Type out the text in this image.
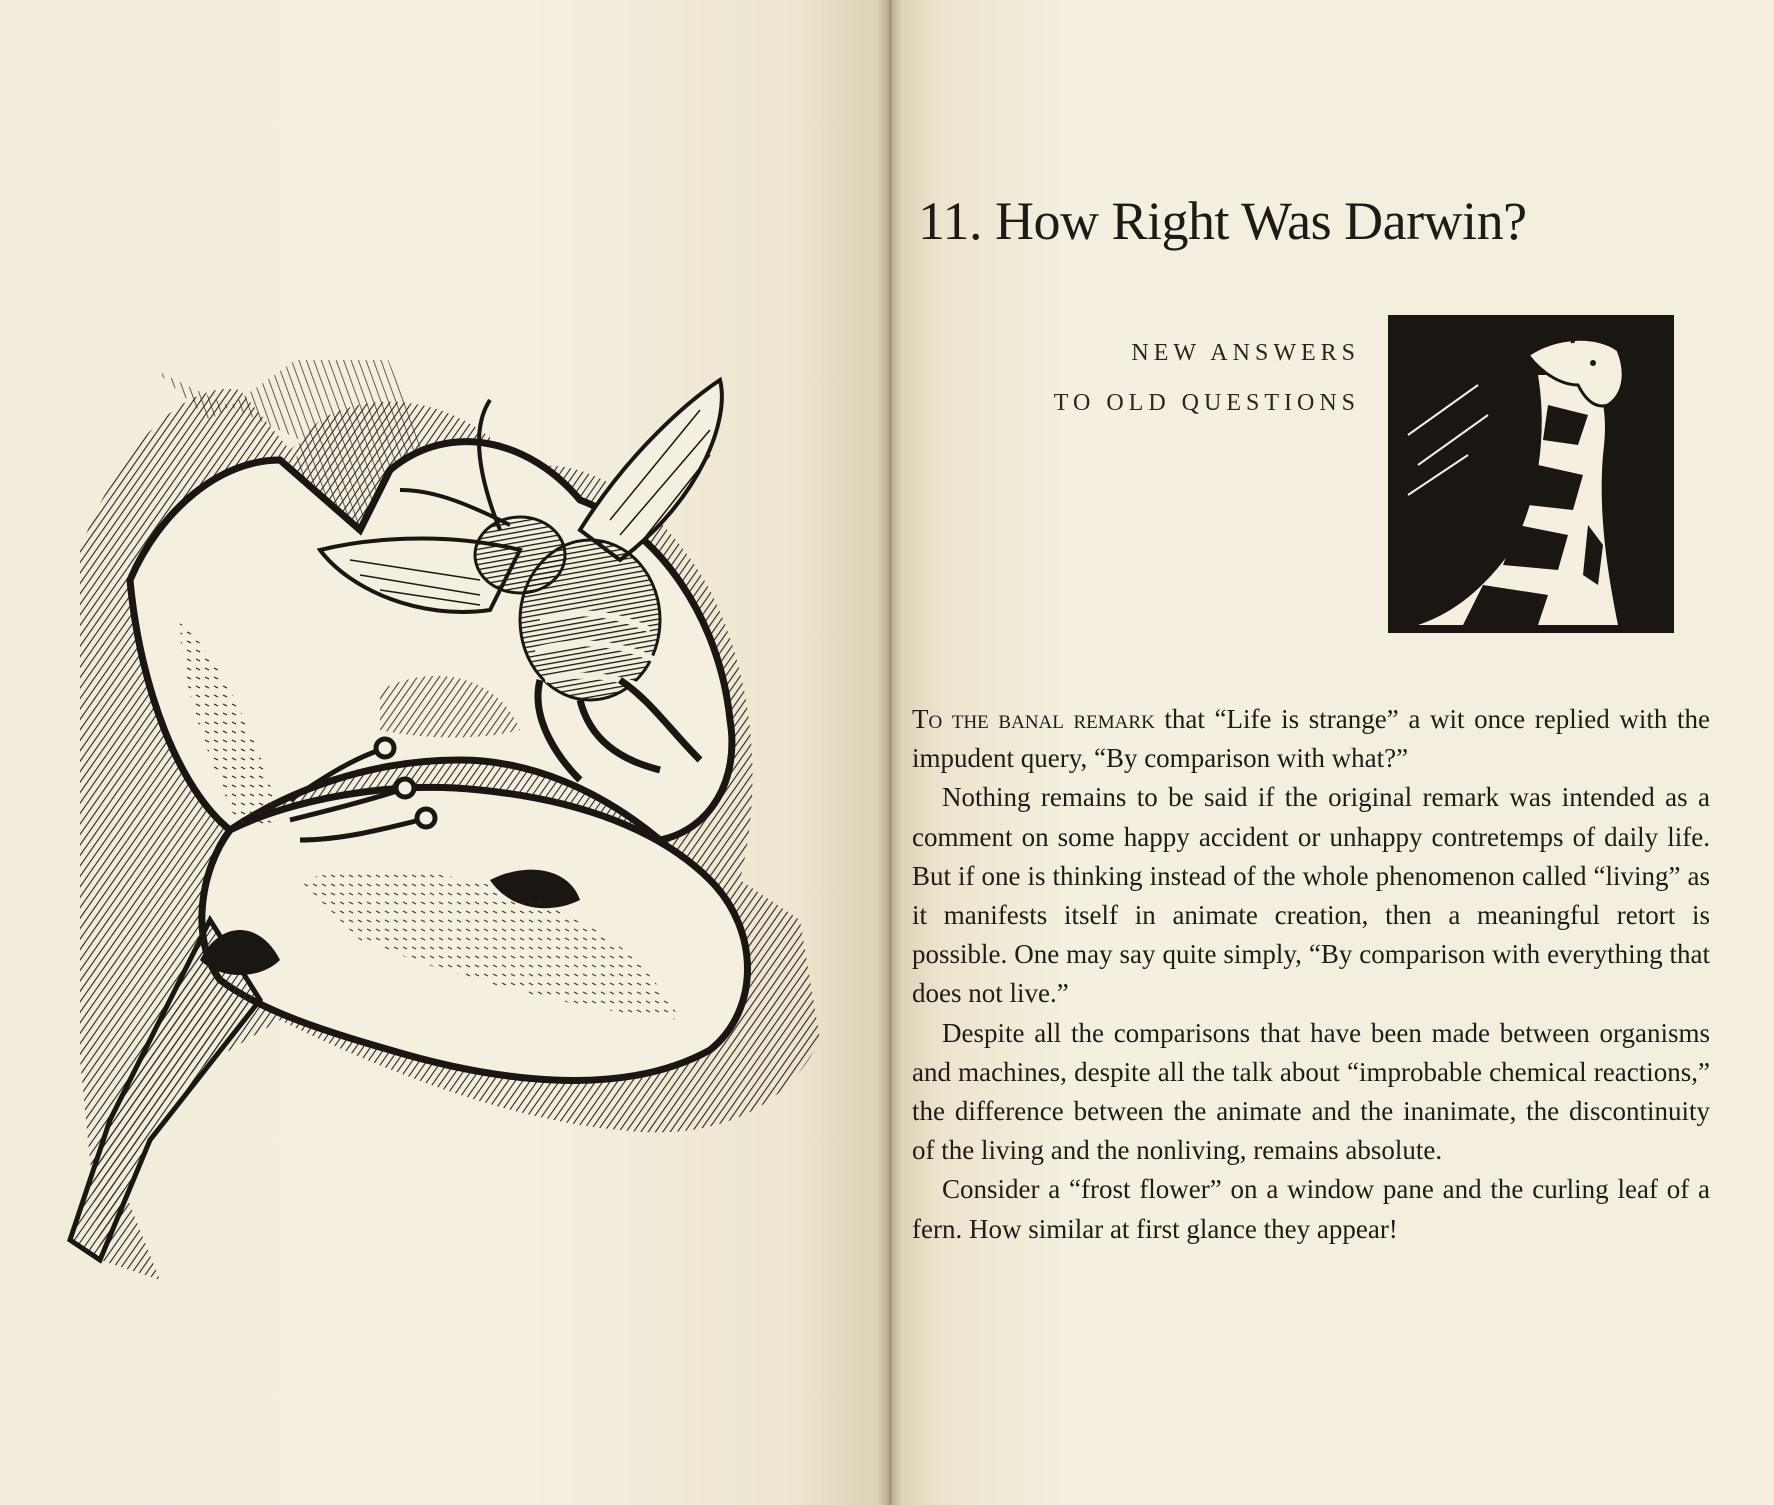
11. How Right Was Darwin?
NEW ANSWERS
TO OLD QUESTIONS

To the banal remark that “Life is strange” a wit once replied with the impudent query, “By comparison with what?”

Nothing remains to be said if the original remark was intended as a comment on some happy accident or unhappy contretemps of daily life. But if one is thinking instead of the whole phenomenon called “living” as it manifests itself in animate creation, then a meaningful retort is possible. One may say quite simply, “By comparison with everything that does not live.”

Despite all the comparisons that have been made between organisms and machines, despite all the talk about “improbable chemical reactions,” the difference between the animate and the inanimate, the discontinuity of the living and the nonliving, remains absolute.

Consider a “frost flower” on a window pane and the curling leaf of a fern. How similar at first glance they appear!
